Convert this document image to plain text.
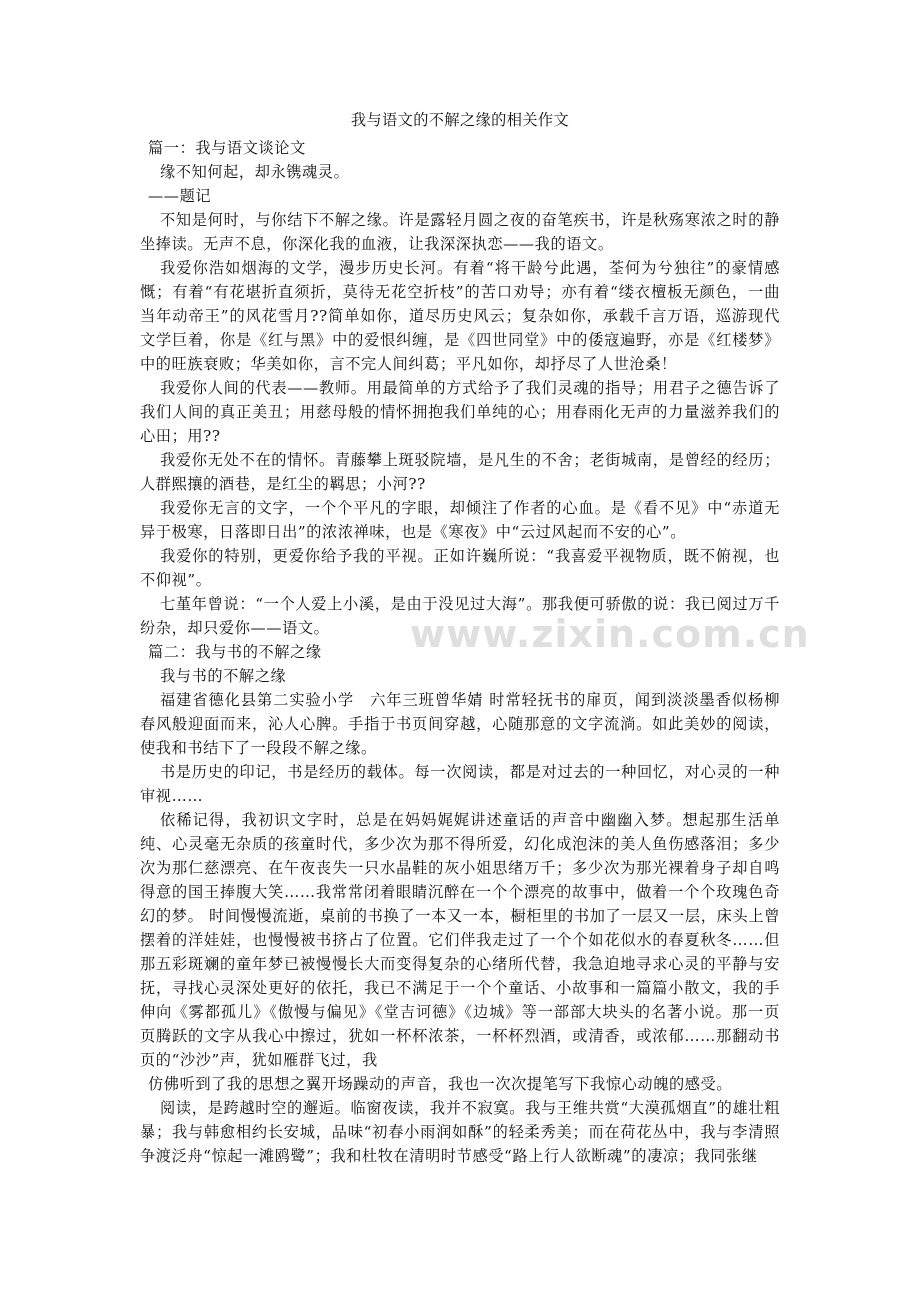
我与语文的不解之缘的相关作文

篇一：我与语文谈论文

缘不知何起，却永镌魂灵。

——题记

不知是何时，与你结下不解之缘。许是露轻月圆之夜的奋笔疾书，许是秋殇寒浓之时的静坐捧读。无声不息，你深化我的血液，让我深深执恋——我的语文。

我爱你浩如烟海的文学，漫步历史长河。有着“将干龄兮此遇，荃何为兮独往”的豪情感慨；有着“有花堪折直须折，莫待无花空折枝”的苦口劝导；亦有着“缕衣檀板无颜色，一曲当年动帝王”的风花雪月??简单如你，道尽历史风云；复杂如你，承载千言万语，巡游现代文学巨着，你是《红与黑》中的爱恨纠缠，是《四世同堂》中的倭寇遍野，亦是《红楼梦》中的旺族衰败；华美如你，言不完人间纠葛；平凡如你，却抒尽了人世沧桑！

我爱你人间的代表——教师。用最简单的方式给予了我们灵魂的指导；用君子之德告诉了我们人间的真正美丑；用慈母般的情怀拥抱我们单纯的心；用春雨化无声的力量滋养我们的心田；用??

我爱你无处不在的情怀。青藤攀上斑驳院墙，是凡生的不舍；老街城南，是曾经的经历；人群熙攘的酒巷，是红尘的羁思；小河??

我爱你无言的文字，一个个平凡的字眼，却倾注了作者的心血。是《看不见》中“赤道无异于极寒，日落即日出”的浓浓禅味，也是《寒夜》中“云过风起而不安的心”。

我爱你的特别，更爱你给予我的平视。正如许巍所说：“我喜爱平视物质，既不俯视，也不仰视”。

七堇年曾说：“一个人爱上小溪，是由于没见过大海”。那我便可骄傲的说：我已阅过万千纷杂，却只爱你——语文。

篇二：我与书的不解之缘

我与书的不解之缘

福建省德化县第二实验小学　六年三班曾华婧 时常轻抚书的扉页，闻到淡淡墨香似杨柳春风般迎面而来，沁人心脾。手指于书页间穿越，心随那意的文字流淌。如此美妙的阅读，使我和书结下了一段段不解之缘。

书是历史的印记，书是经历的载体。每一次阅读，都是对过去的一种回忆，对心灵的一种审视……

依稀记得，我初识文字时，总是在妈妈娓娓讲述童话的声音中幽幽入梦。想起那生活单纯、心灵毫无杂质的孩童时代，多少次为那不得所爱，幻化成泡沫的美人鱼伤感落泪；多少次为那仁慈漂亮、在午夜丧失一只水晶鞋的灰小姐思绪万千；多少次为那光裸着身子却自鸣得意的国王捧腹大笑……我常常闭着眼睛沉醉在一个个漂亮的故事中，做着一个个玫瑰色奇幻的梦。 时间慢慢流逝，桌前的书换了一本又一本，橱柜里的书加了一层又一层，床头上曾摆着的洋娃娃，也慢慢被书挤占了位置。它们伴我走过了一个个如花似水的春夏秋冬……但那五彩斑斓的童年梦已被慢慢长大而变得复杂的心绪所代替，我急迫地寻求心灵的平静与安抚，寻找心灵深处更好的依托，我已不满足于一个个童话、小故事和一篇篇小散文，我的手伸向《雾都孤儿》《傲慢与偏见》《堂吉诃德》《边城》等一部部大块头的名著小说。那一页页腾跃的文字从我心中擦过，犹如一杯杯浓茶，一杯杯烈酒，或清香，或浓郁……那翻动书页的“沙沙”声，犹如雁群飞过，我

仿佛听到了我的思想之翼开场躁动的声音，我也一次次提笔写下我惊心动魄的感受。

阅读，是跨越时空的邂逅。临窗夜读，我并不寂寞。我与王维共赏“大漠孤烟直”的雄壮粗暴；我与韩愈相约长安城，品味“初春小雨润如酥”的轻柔秀美；而在荷花丛中，我与李清照争渡泛舟“惊起一滩鸥鹭”；我和杜牧在清明时节感受“路上行人欲断魂”的凄凉；我同张继

www.zixin.com.cn
